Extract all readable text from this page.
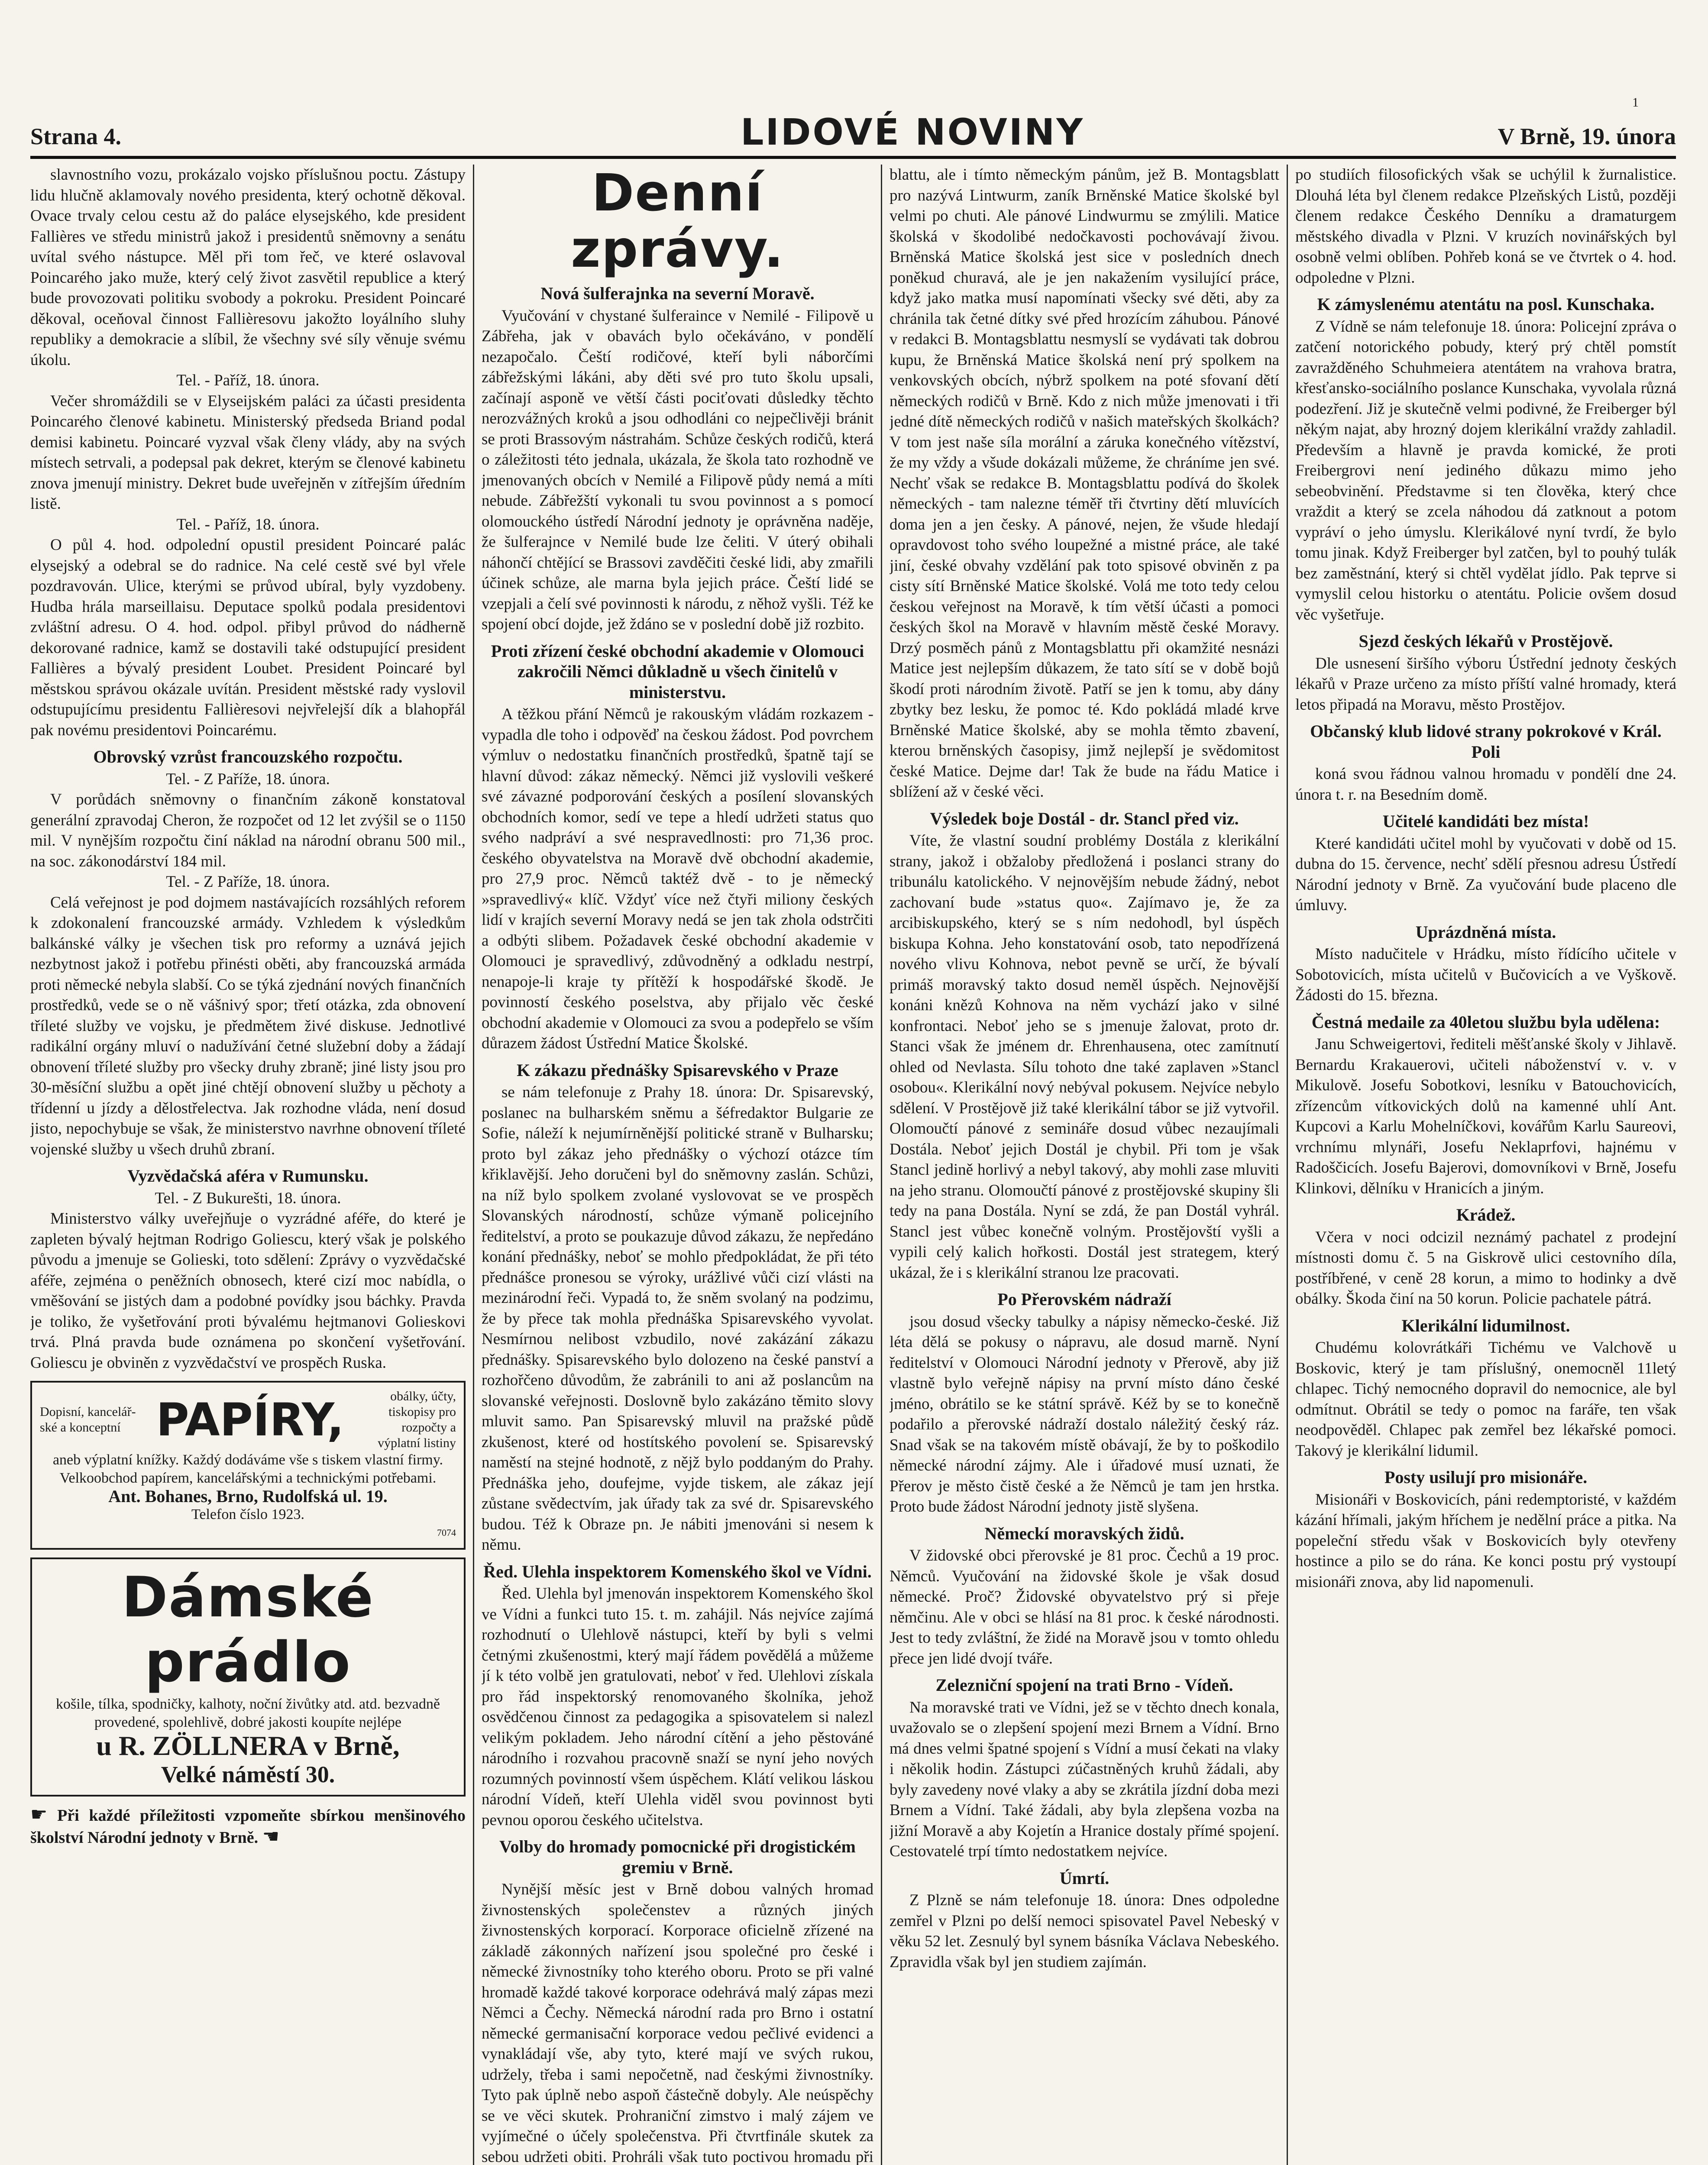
1
Strana 4.	LIDOVÉ NOVINY	V Brně, 19. února

slavnostního vozu, prokázalo vojsko příslušnou poctu. Zástupy lidu hlučně aklamovaly nového presidenta, který ochotně děkoval. Ovace trvaly celou cestu až do paláce elysejského, kde president Fallières ve středu ministrů jakož i presidentů sněmovny a senátu uvítal svého nástupce. Měl při tom řeč, ve které oslavoval Poincarého jako muže, který celý život zasvětil republice a který bude provozovati politiku svobody a pokroku. President Poincaré děkoval, oceňoval činnost Fallièresovu jakožto loyálního sluhy republiky a demokracie a slíbil, že všechny své síly věnuje svému úkolu.

Tel. - Paříž, 18. února.

Večer shromáždili se v Elyseijském paláci za účasti presidenta Poincarého členové kabinetu. Ministerský předseda Briand podal demisi kabinetu. Poincaré vyzval však členy vlády, aby na svých místech setrvali, a podepsal pak dekret, kterým se členové kabinetu znova jmenují ministry. Dekret bude uveřejněn v zítřejším úředním listě.

Tel. - Paříž, 18. února.

O půl 4. hod. odpolední opustil president Poincaré palác elysejský a odebral se do radnice. Na celé cestě své byl vřele pozdravován. Ulice, kterými se průvod ubíral, byly vyzdobeny. Hudba hrála marseillaisu. Deputace spolků podala presidentovi zvláštní adresu. O 4. hod. odpol. přibyl průvod do nádherně dekorované radnice, kamž se dostavili také odstupující president Fallières a bývalý president Loubet. President Poincaré byl městskou správou okázale uvítán. President městské rady vyslovil odstupujícímu presidentu Fallièresovi nejvřelejší dík a blahopřál pak novému presidentovi Poincarému.

Obrovský vzrůst francouzského rozpočtu.

Tel. - Z Paříže, 18. února.

V porůdách sněmovny o finančním zákoně konstatoval generální zpravodaj Cheron, že rozpočet od 12 let zvýšil se o 1150 mil. V nynějším rozpočtu činí náklad na národní obranu 500 mil., na soc. zákonodárství 184 mil.

Tel. - Z Paříže, 18. února.

Celá veřejnost je pod dojmem nastávajících rozsáhlých reforem k zdokonalení francouzské armády. Vzhledem k výsledkům balkánské války je všechen tisk pro reformy a uznává jejich nezbytnost jakož i potřebu přinésti oběti, aby francouzská armáda proti německé nebyla slabší. Co se týká zjednání nových finančních prostředků, vede se o ně vášnivý spor; třetí otázka, zda obnovení tříleté služby ve vojsku, je předmětem živé diskuse. Jednotlivé radikální orgány mluví o nadužívání četné služební doby a žádají obnovení tříleté služby pro všecky druhy zbraně; jiné listy jsou pro 30-měsíční službu a opět jiné chtějí obnovení služby u pěchoty a třídenní u jízdy a dělostřelectva. Jak rozhodne vláda, není dosud jisto, nepochybuje se však, že ministerstvo navrhne obnovení tříleté vojenské služby u všech druhů zbraní.

Vyzvědačská aféra v Rumunsku.

Tel. - Z Bukurešti, 18. února.

Ministerstvo války uveřejňuje o vyzrádné aféře, do které je zapleten bývalý hejtman Rodrigo Goliescu, který však je polského původu a jmenuje se Golieski, toto sdělení: Zprávy o vyzvědačské aféře, zejména o peněžních obnosech, které cizí moc nabídla, o vměšování se jistých dam a podobné povídky jsou báchky. Pravda je toliko, že vyšetřování proti bývalému hejtmanovi Golieskovi trvá. Plná pravda bude oznámena po skončení vyšetřování. Goliescu je obviněn z vyzvědačství ve prospěch Ruska.

Dopisní, kancelář-ské a konceptní PAPÍRY,	obálky, účty, tiskopisy pro rozpočty a výplatní listiny

aneb výplatní knížky. Každý dodáváme vše s tiskem vlastní firmy.

Velkoobchod papírem, kancelářskými a technickými potřebami.

Ant. Bohanes, Brno, Rudolfská ul. 19.

Telefon číslo 1923.

7074

Dámské prádlo

košile, tílka, spodničky, kalhoty, noční živůtky atd. atd. bezvadně provedené, spolehlivě, dobré jakosti koupíte nejlépe

u R. ZÖLLNERA v Brně,
Velké náměstí 30.

☛ Při každé příležitosti vzpomeňte sbírkou menšinového školství Národní jednoty v Brně. ☚

Denní zprávy.
Nová šulferajnka na severní Moravě.

Vyučování v chystané šulferaince v Nemilé - Filipově u Zábřeha, jak v obavách bylo očekáváno, v pondělí nezapočalo. Čeští rodičové, kteří byli náborčími zábřežskými lákáni, aby děti své pro tuto školu upsali, začínají asponě ve větší části pociťovati důsledky těchto nerozvážných kroků a jsou odhodláni co nejpečlivěji bránit se proti Brassovým nástrahám. Schůze českých rodičů, která o záležitosti této jednala, ukázala, že škola tato rozhodně ve jmenovaných obcích v Nemilé a Filipově půdy nemá a míti nebude. Zábřežští vykonali tu svou povinnost a s pomocí olomouckého ústředí Národní jednoty je oprávněna naděje, že šulferajnce v Nemilé bude lze čeliti. V úterý obihali náhončí chtějící se Brassovi zavděčiti české lidi, aby zmařili účinek schůze, ale marna byla jejich práce. Čeští lidé se vzepjali a čelí své povinnosti k národu, z něhož vyšli. Též ke spojení obcí dojde, jež ždáno se v poslední době již rozbito.

Proti zřízení české obchodní akademie v Olomouci zakročili Němci důkladně u všech činitelů v ministerstvu.

A těžkou přání Němců je rakouským vládám rozkazem - vypadla dle toho i odpověď na českou žádost. Pod povrchem výmluv o nedostatku finančních prostředků, špatně tají se hlavní důvod: zákaz německý. Němci již vyslovili veškeré své závazné podporování českých a posílení slovanských obchodních komor, sedí ve tepe a hledí udržeti status quo svého nadpráví a své nespravedlnosti: pro 71,36 proc. českého obyvatelstva na Moravě dvě obchodní akademie, pro 27,9 proc. Němců taktéž dvě - to je německý »spravedlivý« klíč. Vždyť více než čtyři miliony českých lidí v krajích severní Moravy nedá se jen tak zhola odstrčiti a odbýti slibem. Požadavek české obchodní akademie v Olomouci je spravedlivý, zdůvodněný a odkladu nestrpí, nenapoje-li kraje ty přítěží k hospodářské škodě. Je povinností českého poselstva, aby přijalo věc české obchodní akademie v Olomouci za svou a podepřelo se vším důrazem žádost Ústřední Matice Školské.

K zákazu přednášky Spisarevského v Praze

se nám telefonuje z Prahy 18. února: Dr. Spisarevský, poslanec na bulharském sněmu a šéfredaktor Bulgarie ze Sofie, náleží k nejumírněnější politické straně v Bulharsku; proto byl zákaz jeho přednášky o výchozí otázce tím křiklavější. Jeho doručeni byl do sněmovny zaslán. Schůzi, na níž bylo spolkem zvolané vyslovovat se ve prospěch Slovanských národností, schůze výmaně policejního ředitelství, a proto se poukazuje důvod zákazu, že nepředáno konání přednášky, neboť se mohlo předpokládat, že při této přednášce pronesou se výroky, urážlivé vůči cizí vlásti na mezinárodní řeči. Vypadá to, že sněm svolaný na podzimu, že by přece tak mohla přednáška Spisarevského vyvolat. Nesmírnou nelibost vzbudilo, nové zakázání zákazu přednášky. Spisarevského bylo dolozeno na české panství a rozhořčeno důvodům, že zabránili to ani až poslancům na slovanské veřejnosti. Doslovně bylo zakázáno těmito slovy mluvit samo. Pan Spisarevský mluvil na pražské půdě zkušenost, které od hostítského povolení se. Spisarevský naměstí na stejné hodnotě, z nějž bylo poddaným do Prahy. Přednáška jeho, doufejme, vyjde tiskem, ale zákaz její zůstane svědectvím, jak úřady tak za své dr. Spisarevského budou. Též k Obraze pn. Je nábiti jmenováni si nesem k němu.

Řed. Ulehla inspektorem Komenského škol ve Vídni.

Řed. Ulehla byl jmenován inspektorem Komenského škol ve Vídni a funkci tuto 15. t. m. zahájil. Nás nejvíce zajímá rozhodnutí o Ulehlově nástupci, kteří by byli s velmi četnými zkušenostmi, který mají řádem povědělá a můžeme jí k této volbě jen gratulovati, neboť v řed. Ulehlovi získala pro řád inspektorský renomovaného školníka, jehož osvědčenou činnost za pedagogika a spisovatelem si nalezl velikým pokladem. Jeho národní cítění a jeho pěstováné národního i rozvahou pracovně snaží se nyní jeho nových rozumných povinností všem úspěchem. Klátí velikou láskou národní Vídeň, kteří Ulehla viděl svou povinnost byti pevnou oporou českého učitelstva.

Volby do hromady pomocnické při drogistickém gremiu v Brně.

Nynější měsíc jest v Brně dobou valných hromad živnostenských společenstev a různých jiných živnostenských korporací. Korporace oficielně zřízené na základě zákonných nařízení jsou společné pro české i německé živnostníky toho kterého oboru. Proto se při valné hromadě každé takové korporace odehrává malý zápas mezi Němci a Čechy. Německá národní rada pro Brno i ostatní německé germanisační korporace vedou pečlivé evidenci a vynakládají vše, aby tyto, které mají ve svých rukou, udržely, třeba i sami nepočetně, nad českými živnostníky. Tyto pak úplně nebo aspoň částečně dobyly. Ale neúspěchy se ve věci skutek. Prohraniční zimstvo i malý zájem ve vyjímečné o účely společenstva. Při čtvrtfinále skutek za sebou udržeti obiti. Prohráli však tuto poctivou hromadu při

blattu, ale i tímto německým pánům, jež B. Montagsblatt pro nazývá Lintwurm, zaník Brněnské Matice školské byl velmi po chuti. Ale pánové Lindwurmu se zmýlili. Matice školská v škodolibé nedočkavosti pochovávají živou. Brněnská Matice školská jest sice v posledních dnech poněkud churavá, ale je jen nakažením vysilující práce, když jako matka musí napomínati všecky své děti, aby za chránila tak četné dítky své před hrozícím záhubou. Pánové v redakci B. Montagsblattu nesmyslí se vydávati tak dobrou kupu, že Brněnská Matice školská není prý spolkem na venkovských obcích, nýbrž spolkem na poté sfovaní dětí německých rodičů v Brně. Kdo z nich může jmenovati i tři jedné dítě německých rodičů v našich mateřských školkách? V tom jest naše síla morální a záruka konečného vítězství, že my vždy a všude dokázali můžeme, že chráníme jen své. Nechť však se redakce B. Montagsblattu podívá do školek německých - tam nalezne téměř tři čtvrtiny dětí mluvících doma jen a jen česky. A pánové, nejen, že všude hledají opravdovost toho svého loupežné a mistné práce, ale také jiní, české obvahy vzdělání pak toto spisové obviněn z pa cisty sítí Brněnské Matice školské. Volá me toto tedy celou českou veřejnost na Moravě, k tím větší účasti a pomoci českých škol na Moravě v hlavním městě české Moravy. Drzý posměch pánů z Montagsblattu při okamžité nesnázi Matice jest nejlepším důkazem, že tato sítí se v době bojů škodí proti národním životě. Patří se jen k tomu, aby dány zbytky bez lesku, že pomoc té. Kdo pokládá mladé krve Brněnské Matice školské, aby se mohla těmto zbavení, kterou brněnských časopisy, jimž nejlepší je svědomitost české Matice. Dejme dar! Tak že bude na řádu Matice i sblížení až v české věci.

Výsledek boje Dostál - dr. Stancl před viz.

Víte, že vlastní soudní problémy Dostála z klerikální strany, jakož i obžaloby předložená i poslanci strany do tribunálu katolického. V nejnovějším nebude žádný, nebot zachovaní bude »status quo«. Zajímavo je, že za arcibiskupského, který se s ním nedohodl, byl úspěch biskupa Kohna. Jeho konstatování osob, tato nepodřízená nového vlivu Kohnova, nebot pevně se určí, že bývalí primáš moravský takto dosud neměl úspěch. Nejnovější konáni knězů Kohnova na něm vychází jako v silné konfrontaci. Neboť jeho se s jmenuje žalovat, proto dr. Stanci však že jménem dr. Ehrenhausena, otec zamítnutí ohled od Nevlasta. Sílu tohoto dne také zaplaven »Stancl osobou«. Klerikální nový nebýval pokusem. Nejvíce nebylo sdělení. V Prostějově již také klerikální tábor se již vytvořil. Olomoučtí pánové z semináře dosud vůbec nezaujímali Dostála. Neboť jejich Dostál je chybil. Při tom je však Stancl jedině horlivý a nebyl takový, aby mohli zase mluviti na jeho stranu. Olomoučtí pánové z prostějovské skupiny šli tedy na pana Dostála. Nyní se zdá, že pan Dostál vyhrál. Stancl jest vůbec konečně volným. Prostějovští vyšli a vypili celý kalich hořkosti. Dostál jest strategem, který ukázal, že i s klerikální stranou lze pracovati.

Po Přerovském nádraží

jsou dosud všecky tabulky a nápisy německo-české. Již léta dělá se pokusy o nápravu, ale dosud marně. Nyní ředitelství v Olomouci Národní jednoty v Přerově, aby již vlastně bylo veřejně nápisy na první místo dáno české jméno, obrátilo se ke státní správě. Kéž by se to konečně podařilo a přerovské nádraží dostalo náležitý český ráz. Snad však se na takovém místě obávají, že by to poškodilo německé národní zájmy. Ale i úřadové musí uznati, že Přerov je město čistě české a že Němců je tam jen hrstka. Proto bude žádost Národní jednoty jistě slyšena.

Německí moravských židů.

V židovské obci přerovské je 81 proc. Čechů a 19 proc. Němců. Vyučování na židovské škole je však dosud německé. Proč? Židovské obyvatelstvo prý si přeje němčinu. Ale v obci se hlásí na 81 proc. k české národnosti. Jest to tedy zvláštní, že židé na Moravě jsou v tomto ohledu přece jen lidé dvojí tváře.

Zelezniční spojení na trati Brno - Vídeň.

Na moravské trati ve Vídni, jež se v těchto dnech konala, uvažovalo se o zlepšení spojení mezi Brnem a Vídní. Brno má dnes velmi špatné spojení s Vídní a musí čekati na vlaky i několik hodin. Zástupci zúčastněných kruhů žádali, aby byly zavedeny nové vlaky a aby se zkrátila jízdní doba mezi Brnem a Vídní. Také žádali, aby byla zlepšena vozba na jižní Moravě a aby Kojetín a Hranice dostaly přímé spojení. Cestovatelé trpí tímto nedostatkem nejvíce.

Úmrtí.

Z Plzně se nám telefonuje 18. února: Dnes odpoledne zemřel v Plzni po delší nemoci spisovatel Pavel Nebeský v věku 52 let. Zesnulý byl synem básníka Václava Nebeského. Zpravidla však byl jen studiem zajímán.

po studiích filosofických však se uchýlil k žurnalistice. Dlouhá léta byl členem redakce Plzeňských Listů, později členem redakce Českého Denníku a dramaturgem městského divadla v Plzni. V kruzích novinářských byl osobně velmi oblíben. Pohřeb koná se ve čtvrtek o 4. hod. odpoledne v Plzni.

K zámyslenému atentátu na posl. Kunschaka.

Z Vídně se nám telefonuje 18. února: Policejní zpráva o zatčení notorického pobudy, který prý chtěl pomstít zavražděného Schuhmeiera atentátem na vrahova bratra, křesťansko-sociálního poslance Kunschaka, vyvolala různá podezření. Již je skutečně velmi podivné, že Freiberger býl někým najat, aby hrozný dojem klerikální vraždy zahladil. Především a hlavně je pravda komické, že proti Freibergrovi není jediného důkazu mimo jeho sebeobvinění. Představme si ten člověka, který chce vraždit a který se zcela náhodou dá zatknout a potom vypráví o jeho úmyslu. Klerikálové nyní tvrdí, že bylo tomu jinak. Když Freiberger byl zatčen, byl to pouhý tulák bez zaměstnání, který si chtěl vydělat jídlo. Pak teprve si vymyslil celou historku o atentátu. Policie ovšem dosud věc vyšetřuje.

Sjezd českých lékařů v Prostějově.

Dle usnesení širšího výboru Ústřední jednoty českých lékařů v Praze určeno za místo příští valné hromady, která letos připadá na Moravu, město Prostějov.

Občanský klub lidové strany pokrokové v Král. Poli

koná svou řádnou valnou hromadu v pondělí dne 24. února t. r. na Besedním domě.

Učitelé kandidáti bez místa!

Které kandidáti učitel mohl by vyučovati v době od 15. dubna do 15. července, nechť sdělí přesnou adresu Ústředí Národní jednoty v Brně. Za vyučování bude placeno dle úmluvy.

Uprázdněná místa.

Místo nadučitele v Hrádku, místo řídícího učitele v Sobotovicích, místa učitelů v Bučovicích a ve Vyškově. Žádosti do 15. března.

Čestná medaile za 40letou službu byla udělena:

Janu Schweigertovi, řediteli měšťanské školy v Jihlavě. Bernardu Krakauerovi, učiteli náboženství v. v. v Mikulově. Josefu Sobotkovi, lesníku v Batouchovicích, zřízencům vítkovických dolů na kamenné uhlí Ant. Kupcovi a Karlu Mohelníčkovi, kovářům Karlu Saureovi, vrchnímu mlynáři, Josefu Neklaprfovi, hajnému v Radoščicích. Josefu Bajerovi, domovníkovi v Brně, Josefu Klinkovi, dělníku v Hranicích a jiným.

Krádež.

Včera v noci odcizil neznámý pachatel z prodejní místnosti domu č. 5 na Giskrově ulici cestovního díla, postříbřené, v ceně 28 korun, a mimo to hodinky a dvě obálky. Škoda činí na 50 korun. Policie pachatele pátrá.

Klerikální lidumilnost.

Chudému kolovrátkáři Tichému ve Valchově u Boskovic, který je tam příslušný, onemocněl 11letý chlapec. Tichý nemocného dopravil do nemocnice, ale byl odmítnut. Obrátil se tedy o pomoc na faráře, ten však neodpověděl. Chlapec pak zemřel bez lékařské pomoci. Takový je klerikální lidumil.

Posty usilují pro misionáře.

Misionáři v Boskovicích, páni redemptoristé, v každém kázání hřímali, jakým hříchem je nedělní práce a pitka. Na popeleční středu však v Boskovicích byly otevřeny hostince a pilo se do rána. Ke konci postu prý vystoupí misionáři znova, aby lid napomenuli.
